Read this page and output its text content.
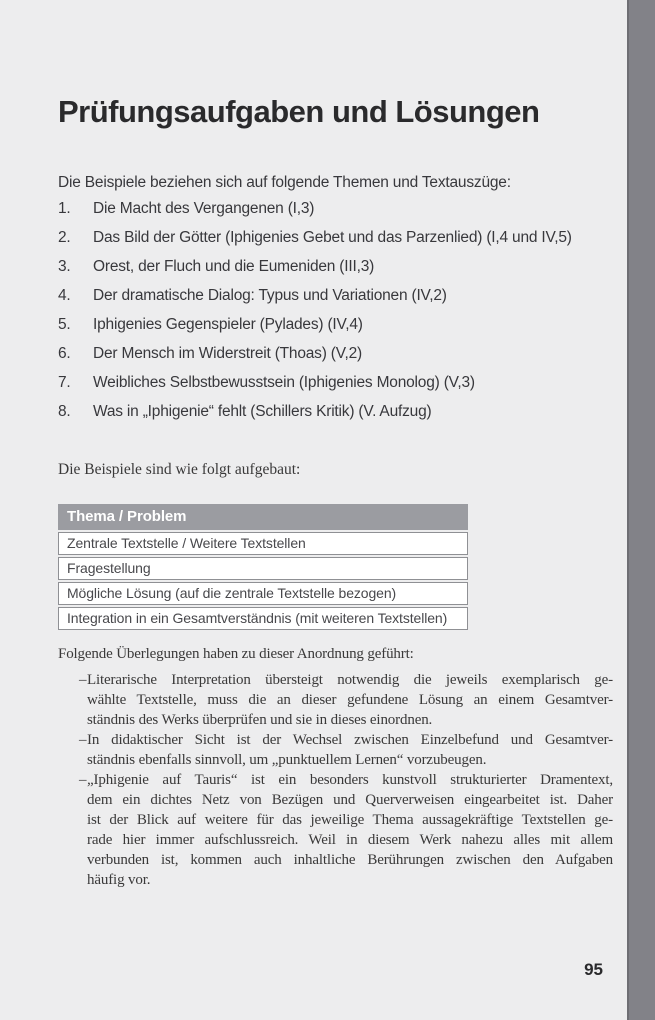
Prüfungsaufgaben und Lösungen

Die Beispiele beziehen sich auf folgende Themen und Textauszüge:

1.	Die Macht des Vergangenen (I,3)
2.	Das Bild der Götter (Iphigenies Gebet und das Parzenlied) (I,4 und IV,5)
3.	Orest, der Fluch und die Eumeniden (III,3)
4.	Der dramatische Dialog: Typus und Variationen (IV,2)
5.	Iphigenies Gegenspieler (Pylades) (IV,4)
6.	Der Mensch im Widerstreit (Thoas) (V,2)
7.	Weibliches Selbstbewusstsein (Iphigenies Monolog) (V,3)
8.	Was in „Iphigenie“ fehlt (Schillers Kritik) (V. Aufzug)

Die Beispiele sind wie folgt aufgebaut:

Thema / Problem
Zentrale Textstelle / Weitere Textstellen
Fragestellung
Mögliche Lösung (auf die zentrale Textstelle bezogen)
Integration in ein Gesamtverständnis (mit weiteren Textstellen)

Folgende Überlegungen haben zu dieser Anordnung geführt:

– Literarische Interpretation übersteigt notwendig die jeweils exemplarisch ge-
wählte Textstelle, muss die an dieser gefundene Lösung an einem Gesamtver-
ständnis des Werks überprüfen und sie in dieses einordnen.
– In didaktischer Sicht ist der Wechsel zwischen Einzelbefund und Gesamtver-
ständnis ebenfalls sinnvoll, um „punktuellem Lernen“ vorzubeugen.
– „Iphigenie auf Tauris“ ist ein besonders kunstvoll strukturierter Dramentext,
dem ein dichtes Netz von Bezügen und Querverweisen eingearbeitet ist. Daher
ist der Blick auf weitere für das jeweilige Thema aussagekräftige Textstellen ge-
rade hier immer aufschlussreich. Weil in diesem Werk nahezu alles mit allem
verbunden ist, kommen auch inhaltliche Berührungen zwischen den Aufgaben
häufig vor.
95
